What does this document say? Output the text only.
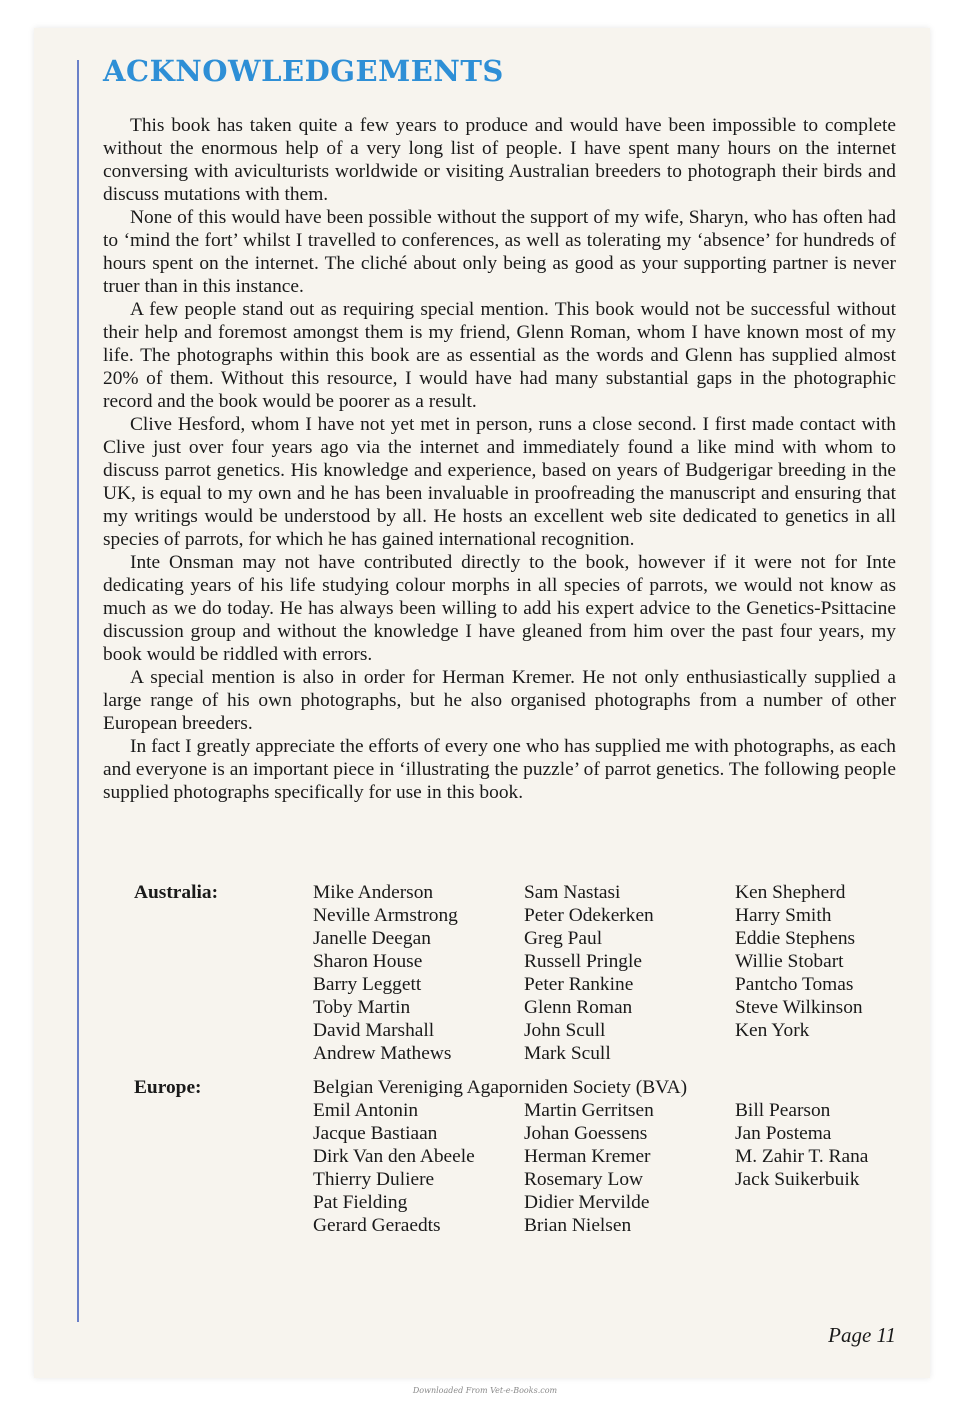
ACKNOWLEDGEMENTS

This book has taken quite a few years to produce and would have been impossible to complete without the enormous help of a very long list of people. I have spent many hours on the internet conversing with aviculturists worldwide or visiting Australian breeders to photograph their birds and discuss mutations with them.

None of this would have been possible without the support of my wife, Sharyn, who has often had to ‘mind the fort’ whilst I travelled to conferences, as well as tolerating my ‘absence’ for hundreds of hours spent on the internet. The cliché about only being as good as your supporting partner is never truer than in this instance.

A few people stand out as requiring special mention. This book would not be successful without their help and foremost amongst them is my friend, Glenn Roman, whom I have known most of my life. The photographs within this book are as essential as the words and Glenn has supplied almost 20% of them. Without this resource, I would have had many substantial gaps in the photographic record and the book would be poorer as a result.

Clive Hesford, whom I have not yet met in person, runs a close second. I first made contact with Clive just over four years ago via the internet and immediately found a like mind with whom to discuss parrot genetics. His knowledge and experience, based on years of Budgerigar breeding in the UK, is equal to my own and he has been invaluable in proofreading the manuscript and ensuring that my writings would be understood by all. He hosts an excellent web site dedicated to genetics in all species of parrots, for which he has gained international recognition.

Inte Onsman may not have contributed directly to the book, however if it were not for Inte dedicating years of his life studying colour morphs in all species of parrots, we would not know as much as we do today. He has always been willing to add his expert advice to the Genetics-Psittacine discussion group and without the knowledge I have gleaned from him over the past four years, my book would be riddled with errors.

A special mention is also in order for Herman Kremer. He not only enthusiastically supplied a large range of his own photographs, but he also organised photographs from a number of other European breeders.

In fact I greatly appreciate the efforts of every one who has supplied me with photographs, as each and everyone is an important piece in ‘illustrating the puzzle’ of parrot genetics. The following people supplied photographs specifically for use in this book.

Australia:	Mike Anderson
Neville Armstrong
Janelle Deegan
Sharon House
Barry Leggett
Toby Martin
David Marshall
Andrew Mathews
Sam Nastasi
Peter Odekerken
Greg Paul
Russell Pringle
Peter Rankine
Glenn Roman
John Scull
Mark Scull
Ken Shepherd
Harry Smith
Eddie Stephens
Willie Stobart
Pantcho Tomas
Steve Wilkinson
Ken York
Europe:	Belgian Vereniging Agaporniden Society (BVA)
Emil Antonin
Jacque Bastiaan
Dirk Van den Abeele
Thierry Duliere
Pat Fielding
Gerard Geraedts
Martin Gerritsen
Johan Goessens
Herman Kremer
Rosemary Low
Didier Mervilde
Brian Nielsen
Bill Pearson
Jan Postema
M. Zahir T. Rana
Jack Suikerbuik
Page 11
Downloaded From Vet-e-Books.com
